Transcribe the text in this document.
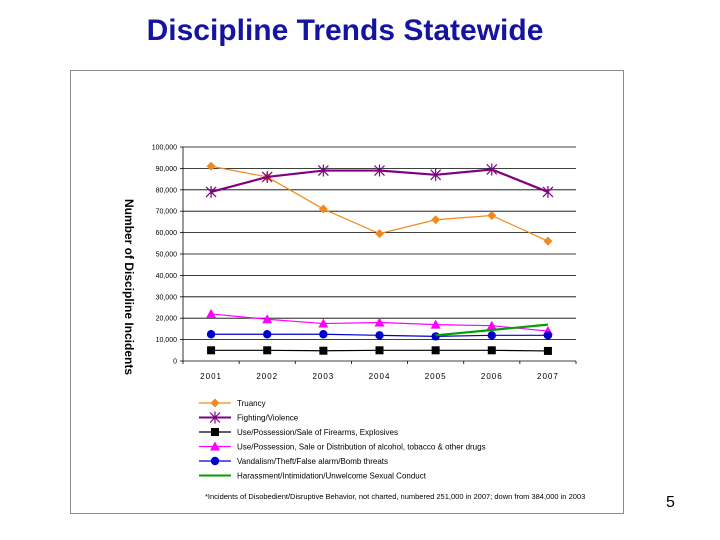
Discipline Trends Statewide
0
10,000
20,000
30,000
40,000
50,000
60,000
70,000
80,000
90,000
100,000
2001	2002	2003	2004	2005	2006	2007
Number of Discipline Incidents
Truancy
Fighting/Violence
Use/Possession/Sale of Firearms, Explosives
Use/Possession, Sale or Distribution of alcohol, tobacco & other drugs
Vandalism/Theft/False alarm/Bomb threats
Harassment/Intimidation/Unwelcome Sexual Conduct
*Incidents of Disobedient/Disruptive Behavior, not charted, numbered 251,000 in 2007; down from 384,000 in 2003	5
